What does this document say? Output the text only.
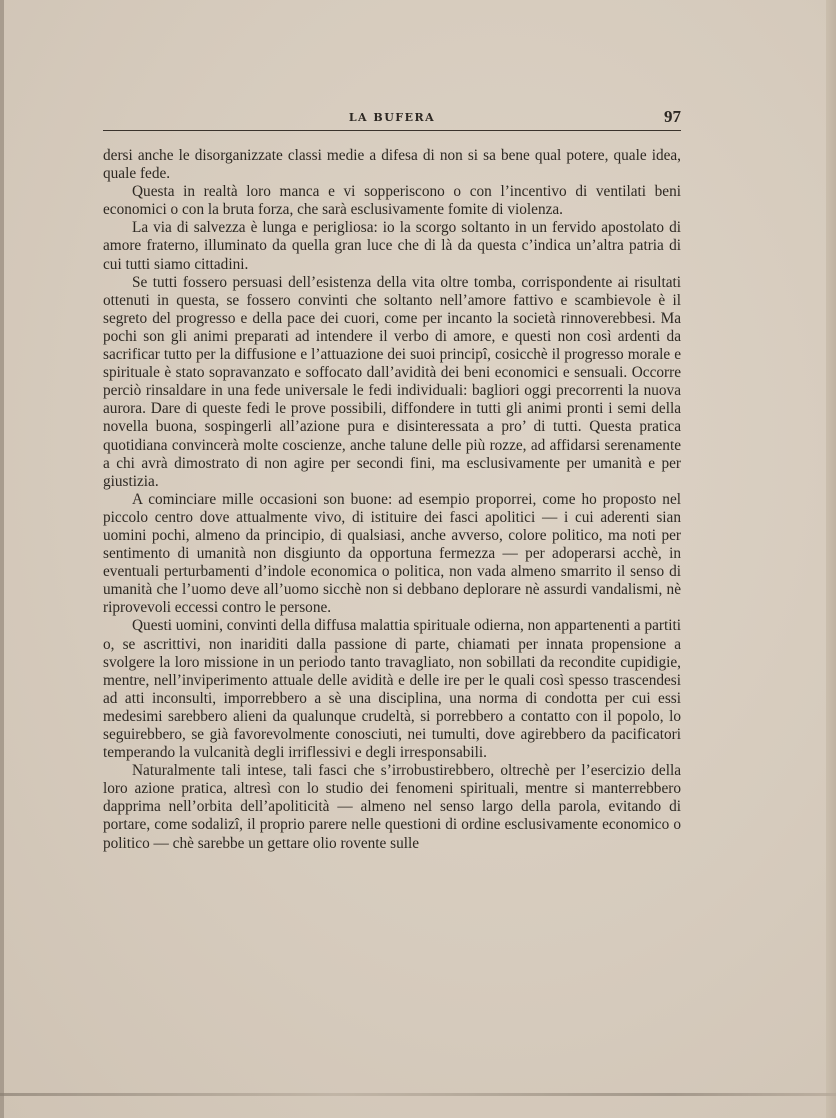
LA BUFERA	97

dersi anche le disorganizzate classi medie a difesa di non si sa bene qual potere, quale idea, quale fede.

Questa in realtà loro manca e vi sopperiscono o con l’incentivo di ventilati beni economici o con la bruta forza, che sarà esclusivamente fomite di violenza.

La via di salvezza è lunga e perigliosa: io la scorgo soltanto in un fervido apostolato di amore fraterno, illuminato da quella gran luce che di là da questa c’indica un’altra patria di cui tutti siamo cittadini.

Se tutti fossero persuasi dell’esistenza della vita oltre tomba, corrispondente ai risultati ottenuti in questa, se fossero convinti che soltanto nell’amore fattivo e scambievole è il segreto del progresso e della pace dei cuori, come per incanto la società rinnoverebbesi. Ma pochi son gli animi preparati ad intendere il verbo di amore, e questi non così ardenti da sacrificar tutto per la diffusione e l’attuazione dei suoi principî, cosicchè il progresso morale e spirituale è stato sopravanzato e soffocato dall’avidità dei beni economici e sensuali. Occorre perciò rinsaldare in una fede universale le fedi individuali: bagliori oggi precorrenti la nuova aurora. Dare di queste fedi le prove possibili, diffondere in tutti gli animi pronti i semi della novella buona, sospingerli all’azione pura e disinteressata a pro’ di tutti. Questa pratica quotidiana convincerà molte coscienze, anche talune delle più rozze, ad affidarsi serenamente a chi avrà dimostrato di non agire per secondi fini, ma esclusivamente per umanità e per giustizia.

A cominciare mille occasioni son buone: ad esempio proporrei, come ho proposto nel piccolo centro dove attualmente vivo, di istituire dei fasci apolitici — i cui aderenti sian uomini pochi, almeno da principio, di qualsiasi, anche avverso, colore politico, ma noti per sentimento di umanità non disgiunto da opportuna fermezza — per adoperarsi acchè, in eventuali perturbamenti d’indole economica o politica, non vada almeno smarrito il senso di umanità che l’uomo deve all’uomo sicchè non si debbano deplorare nè assurdi vandalismi, nè riprovevoli eccessi contro le persone.

Questi uomini, convinti della diffusa malattia spirituale odierna, non appartenenti a partiti o, se ascrittivi, non inariditi dalla passione di parte, chiamati per innata propensione a svolgere la loro missione in un periodo tanto travagliato, non sobillati da recondite cupidigie, mentre, nell’inviperimento attuale delle avidità e delle ire per le quali così spesso trascendesi ad atti inconsulti, imporrebbero a sè una disciplina, una norma di condotta per cui essi medesimi sarebbero alieni da qualunque crudeltà, si porrebbero a contatto con il popolo, lo seguirebbero, se già favorevolmente conosciuti, nei tumulti, dove agirebbero da pacificatori temperando la vulcanità degli irriflessivi e degli irresponsabili.

Naturalmente tali intese, tali fasci che s’irrobustirebbero, oltrechè per l’esercizio della loro azione pratica, altresì con lo studio dei fenomeni spirituali, mentre si manterrebbero dapprima nell’orbita dell’apoliticità — almeno nel senso largo della parola, evitando di portare, come sodalizî, il proprio parere nelle questioni di ordine esclusivamente economico o politico — chè sarebbe un gettare olio rovente sulle
